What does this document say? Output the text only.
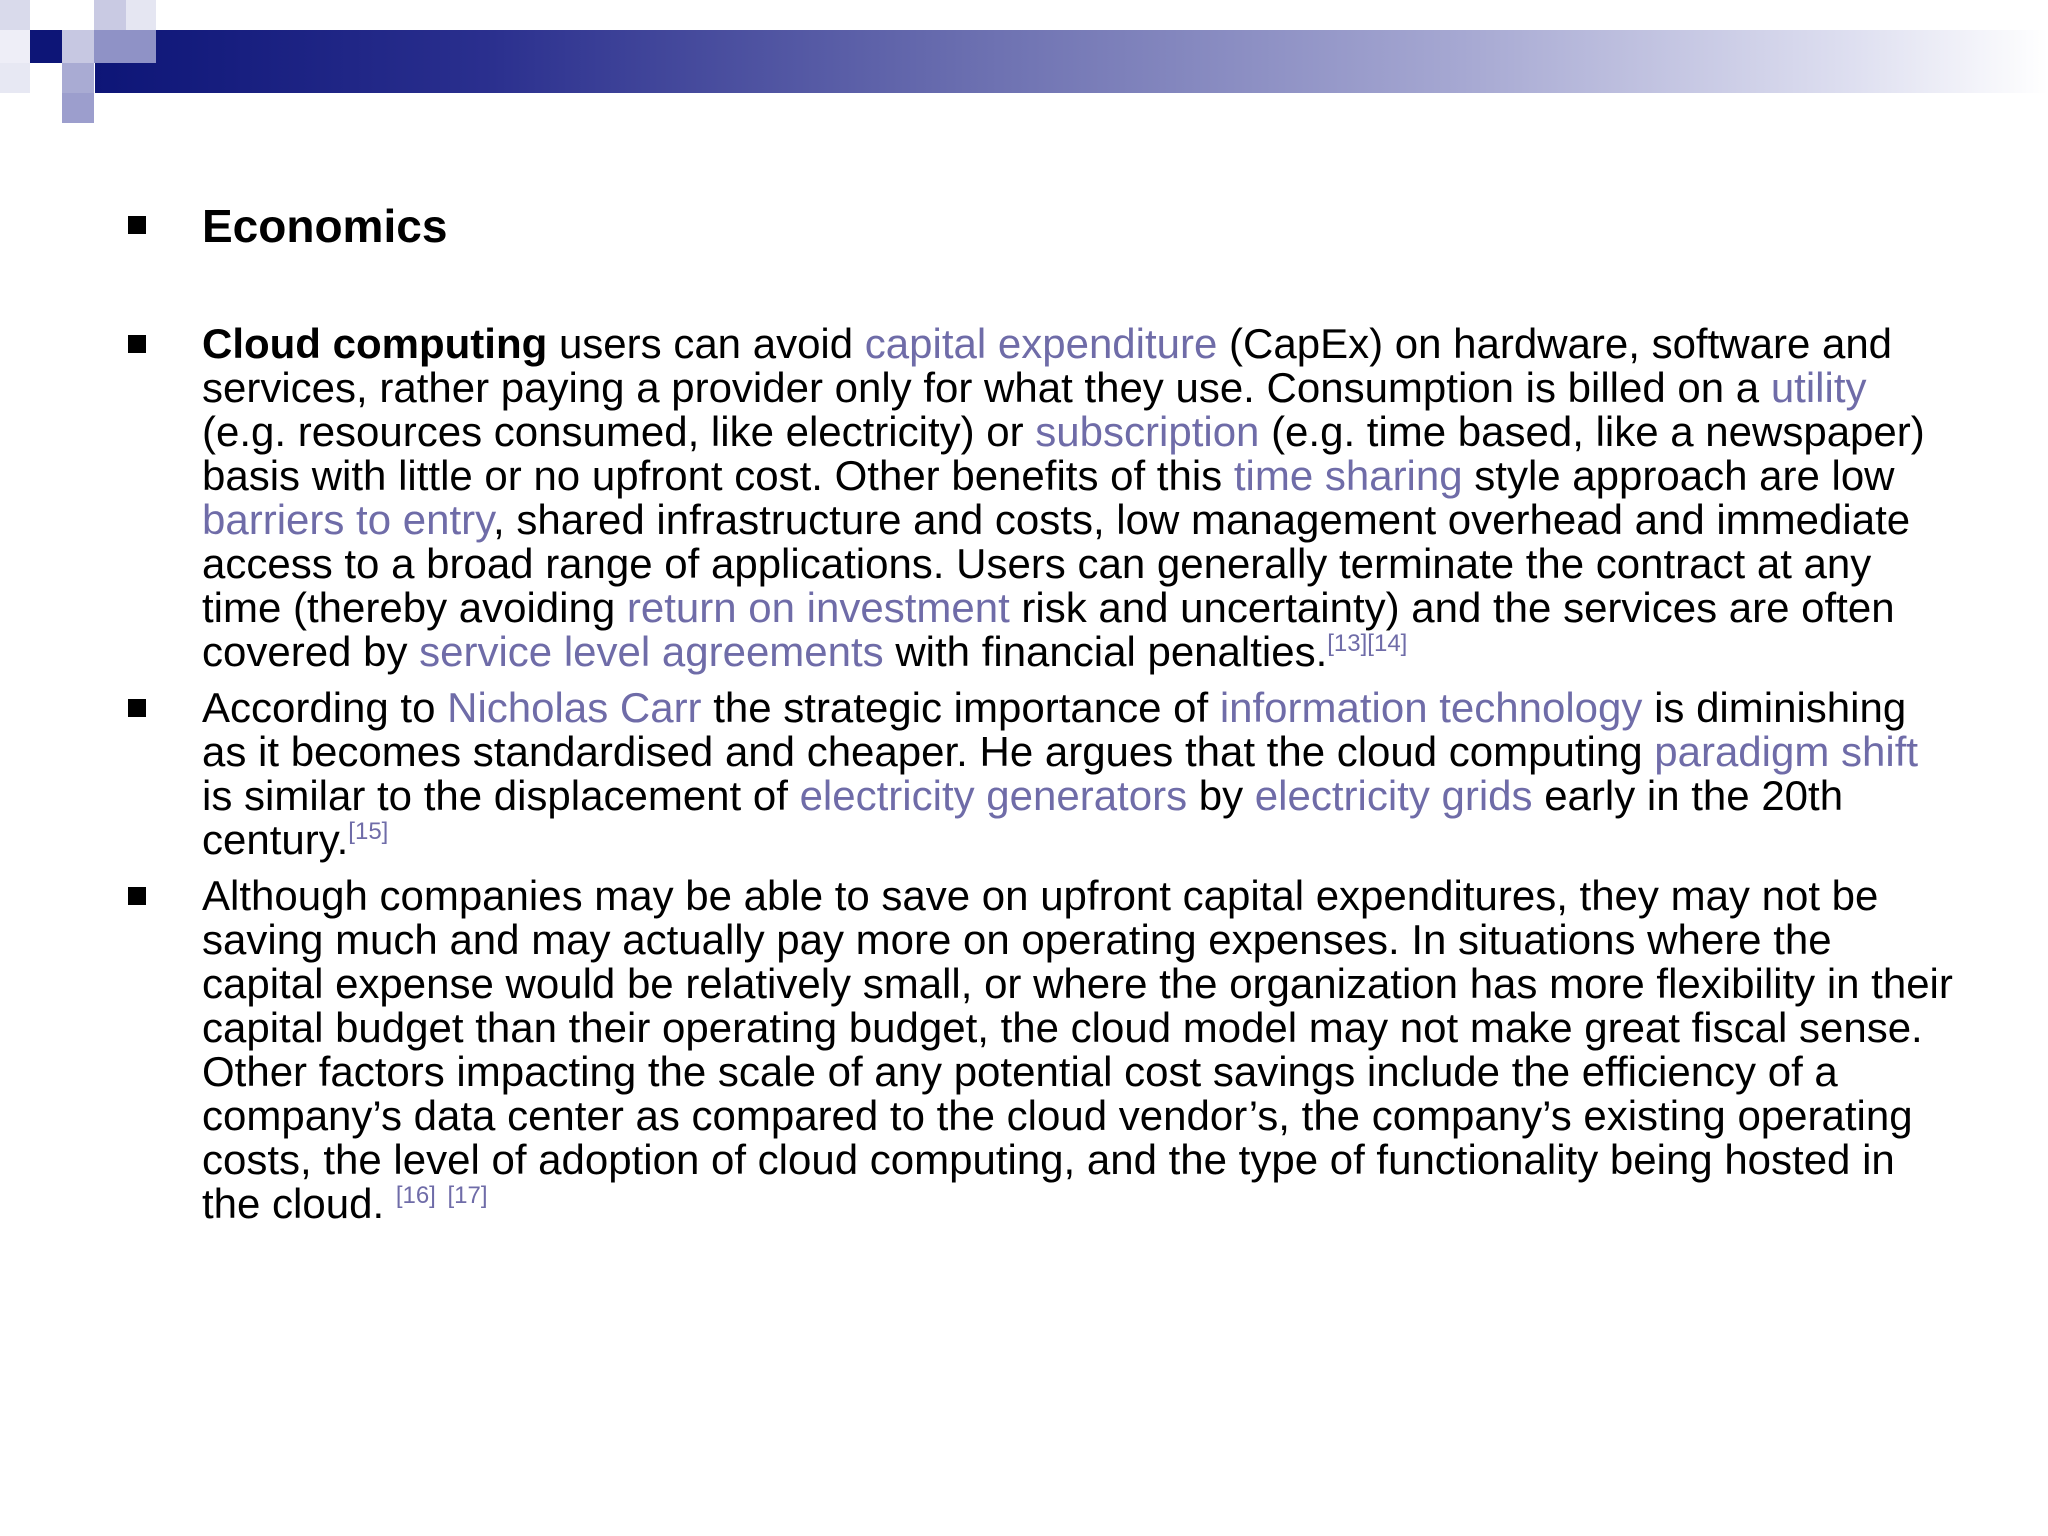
Economics
Cloud computing users can avoid capital expenditure (CapEx) on hardware, software and services, rather paying a provider only for what they use. Consumption is billed on a utility (e.g. resources consumed, like electricity) or subscription (e.g. time based, like a newspaper) basis with little or no upfront cost. Other benefits of this time sharing style approach are low barriers to entry, shared infrastructure and costs, low management overhead and immediate access to a broad range of applications. Users can generally terminate the contract at any time (thereby avoiding return on investment risk and uncertainty) and the services are often covered by service level agreements with financial penalties.[13][14]
According to Nicholas Carr the strategic importance of information technology is diminishing as it becomes standardised and cheaper. He argues that the cloud computing paradigm shift is similar to the displacement of electricity generators by electricity grids early in the 20th century.[15]
Although companies may be able to save on upfront capital expenditures, they may not be saving much and may actually pay more on operating expenses. In situations where the capital expense would be relatively small, or where the organization has more flexibility in their capital budget than their operating budget, the cloud model may not make great fiscal sense. Other factors impacting the scale of any potential cost savings include the efficiency of a company’s data center as compared to the cloud vendor’s, the company’s existing operating costs, the level of adoption of cloud computing, and the type of functionality being hosted in the cloud. [16] [17]
